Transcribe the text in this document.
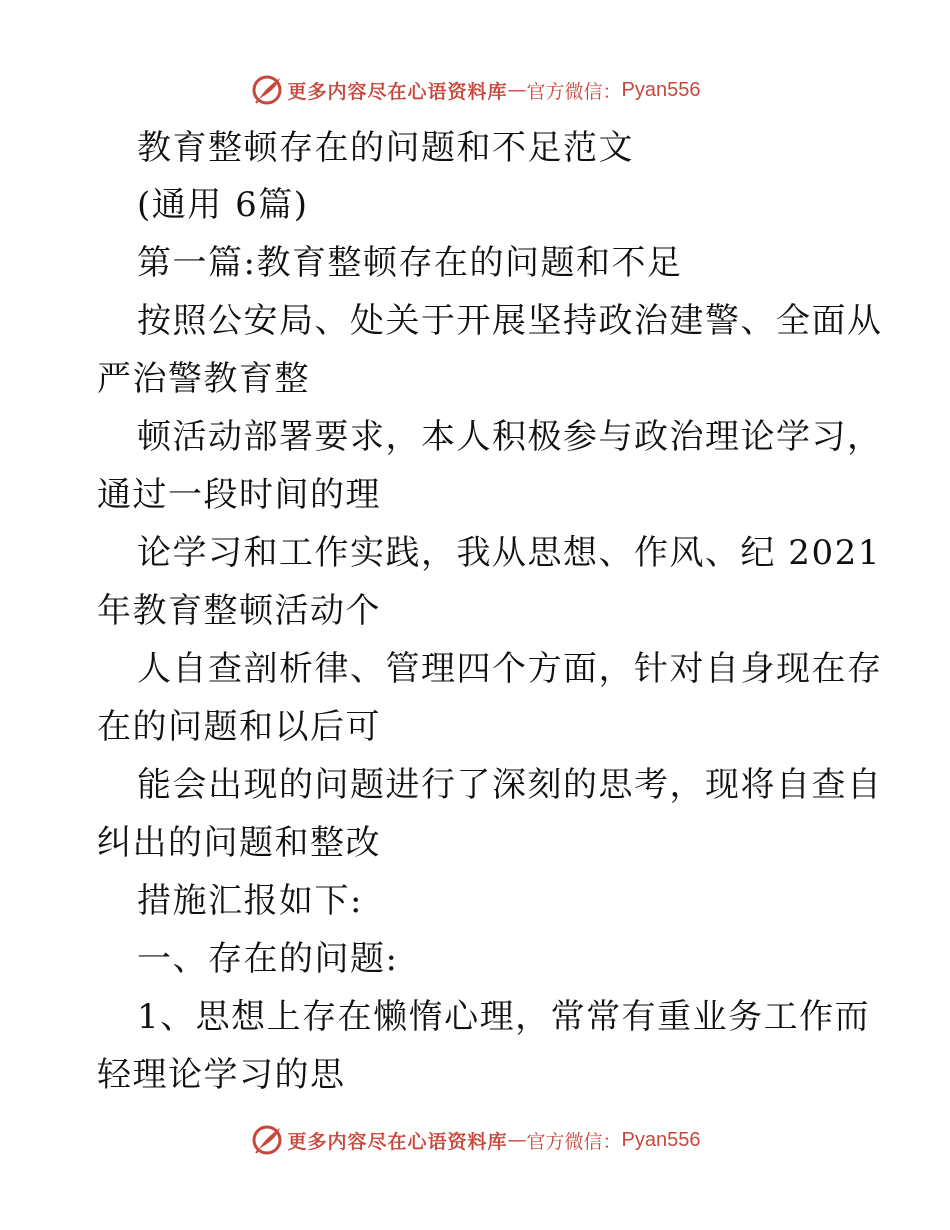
更多内容尽在心语资料库 — 官方微信： Pyan556
教育整顿存在的问题和不足范文
(通用 6篇)
第一篇:教育整顿存在的问题和不足
按照公安局、处关于开展坚持政治建警、全面从
严治警教育整
顿活动部署要求，本人积极参与政治理论学习，
通过一段时间的理
论学习和工作实践，我从思想、作风、纪 2021
年教育整顿活动个
人自查剖析律、管理四个方面，针对自身现在存
在的问题和以后可
能会出现的问题进行了深刻的思考，现将自查自
纠出的问题和整改
措施汇报如下:
一、存在的问题:
1、思想上存在懒惰心理，常常有重业务工作而
轻理论学习的思
更多内容尽在心语资料库 — 官方微信： Pyan556
